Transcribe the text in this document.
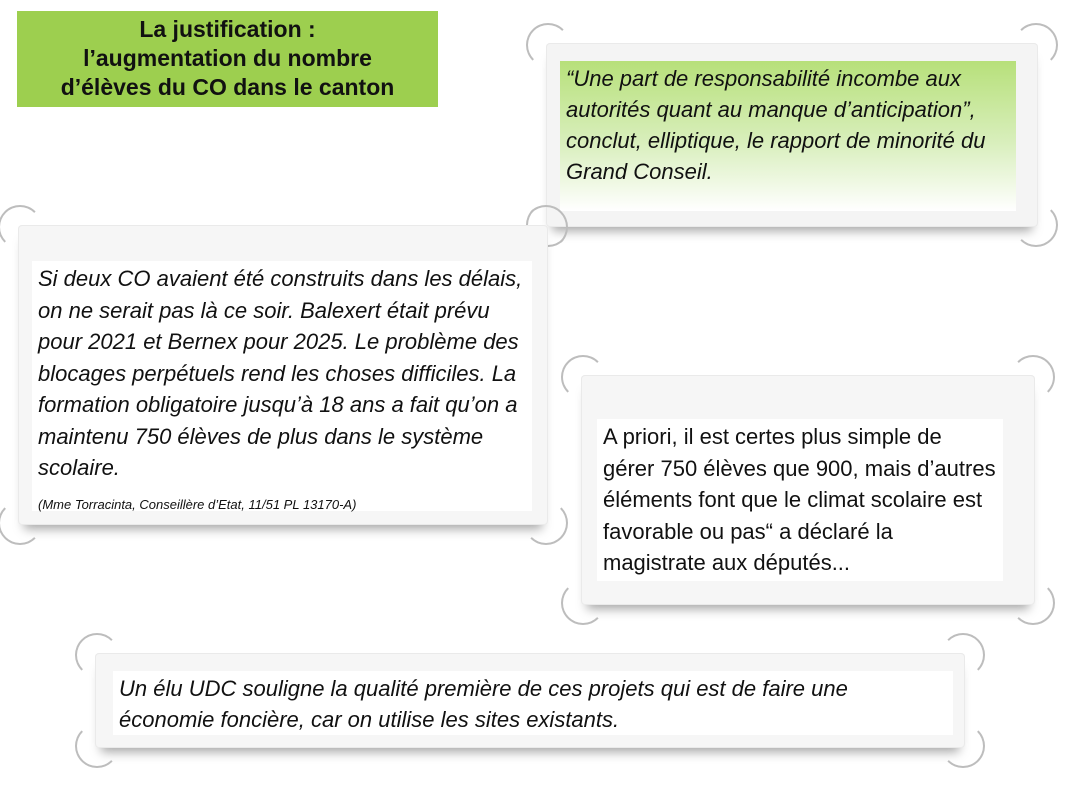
La justification :
l’augmentation du nombre
d’élèves du CO dans le canton	“Une part de responsabilité incombe aux autorités quant au manque d’anticipation”, conclut, elliptique, le rapport de minorité du Grand Conseil.
Si deux CO avaient été construits dans les délais, on ne serait pas là ce soir. Balexert était prévu pour 2021 et Bernex pour 2025. Le problème des blocages perpétuels rend les choses difficiles. La formation obligatoire jusqu’à 18 ans a fait qu’on a maintenu 750 élèves de plus dans le système scolaire.
(Mme Torracinta, Conseillère d’Etat, 11/51 PL 13170-A)
A priori, il est certes plus simple de gérer 750 élèves que 900, mais d’autres éléments font que le climat scolaire est favorable ou pas“ a déclaré la magistrate aux députés...
Un élu UDC souligne la qualité première de ces projets qui est de faire une économie foncière, car on utilise les sites existants.
